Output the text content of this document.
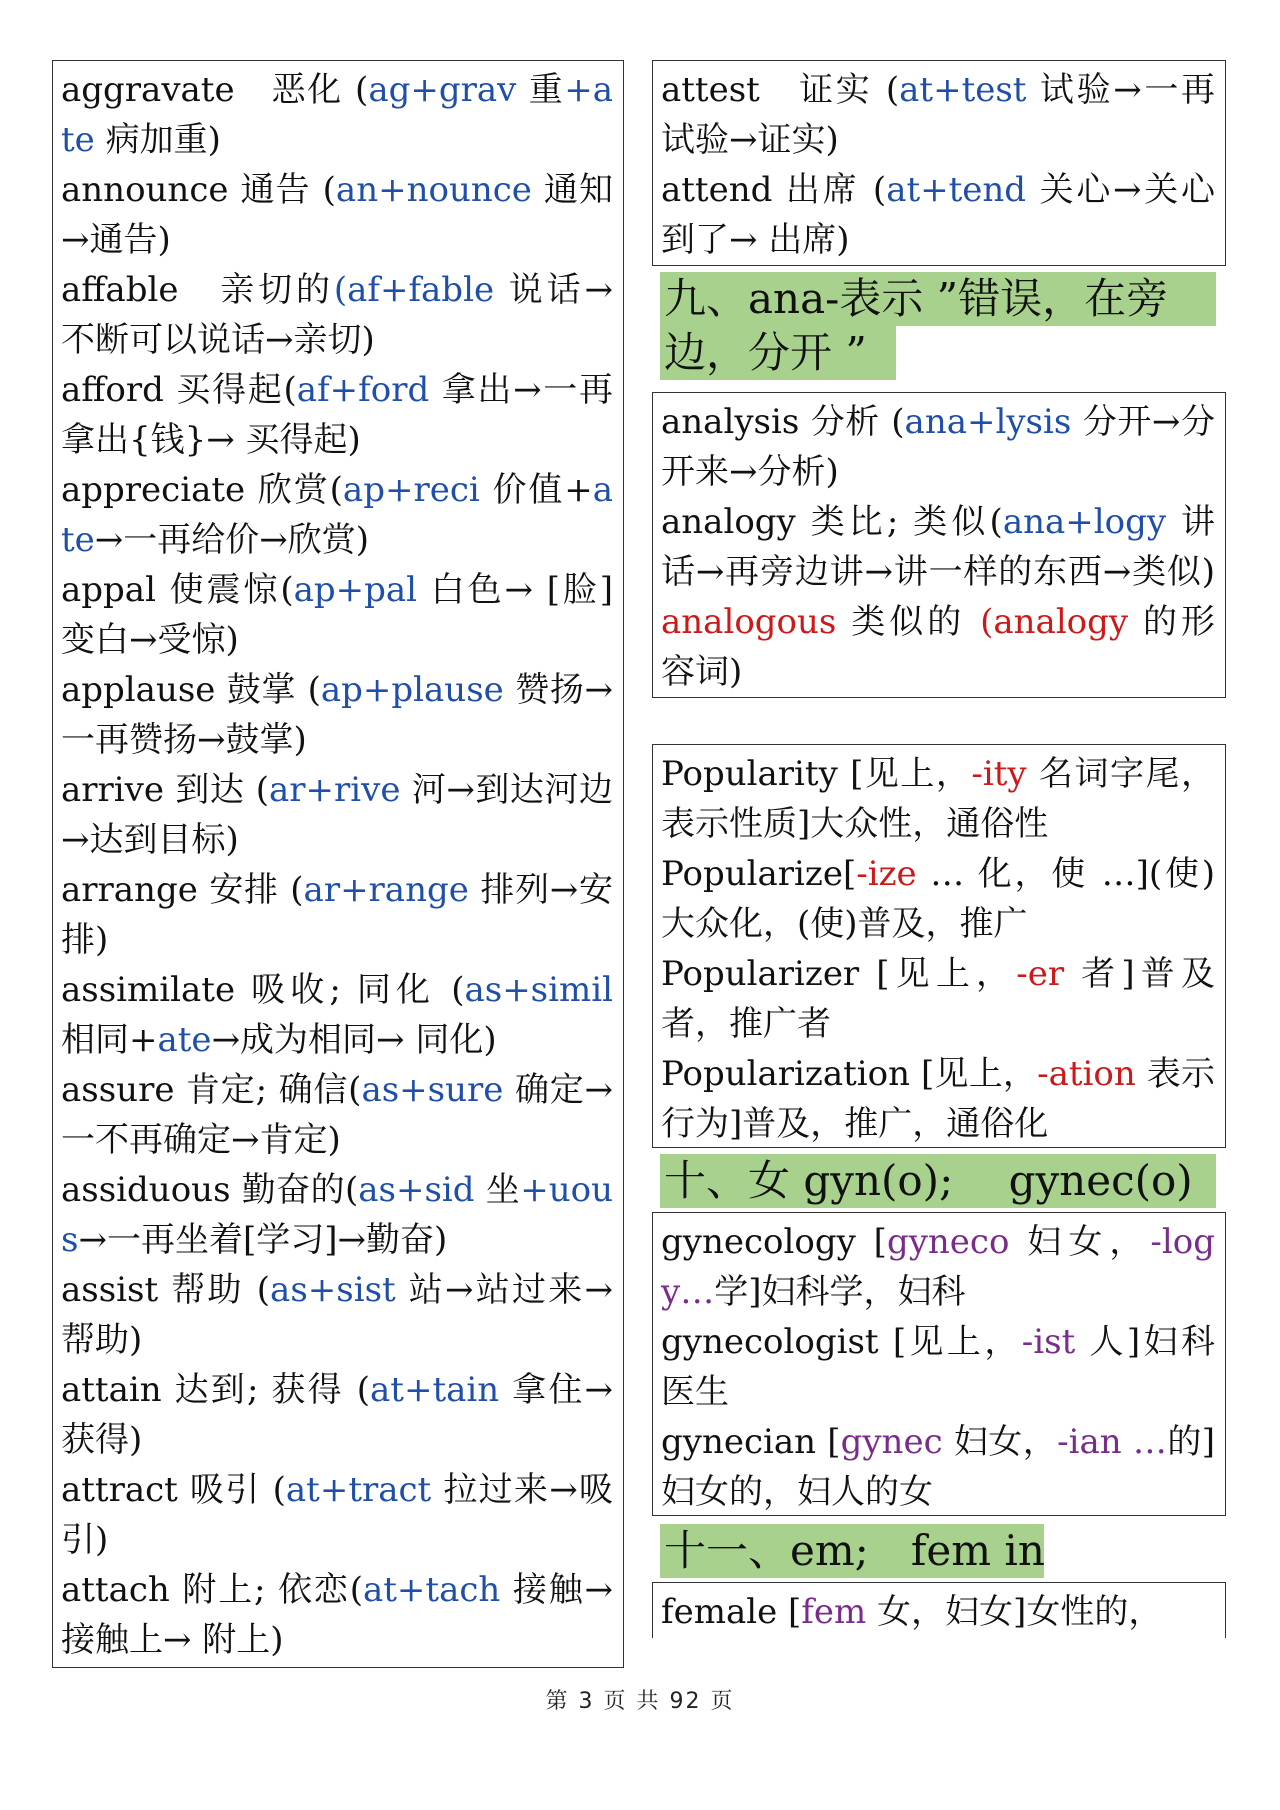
aggravate　恶化 (ag+grav 重+ate 病加重)
announce 通告 (an+nounce 通知→通告)
affable　亲切的(af+fable 说话→不断可以说话→亲切)
afford 买得起(af+ford 拿出→一再拿出{钱}→ 买得起)
appreciate 欣赏(ap+reci 价值+ate→一再给价→欣赏)
appal 使震惊(ap+pal 白色→ [脸]变白→受惊)
applause 鼓掌 (ap+plause 赞扬→一再赞扬→鼓掌)
arrive 到达 (ar+rive 河→到达河边→达到目标)
arrange 安排 (ar+range 排列→安排)
assimilate 吸收; 同化 (as+simil 相同+ate→成为相同→ 同化)
assure 肯定; 确信(as+sure 确定→一不再确定→肯定)
assiduous 勤奋的(as+sid 坐+uous→一再坐着[学习]→勤奋)
assist 帮助 (as+sist 站→站过来→帮助)
attain 达到; 获得 (at+tain 拿住→获得)
attract 吸引 (at+tract 拉过来→吸引)
attach 附上; 依恋(at+tach 接触→接触上→ 附上)
attest　证实 (at+test 试验→一再试验→证实)
attend 出席 (at+tend 关心→关心到了→ 出席)
九、ana-表示 ”错误，在旁
边，分开 ”
analysis 分析 (ana+lysis 分开→分开来→分析)
analogy 类比; 类似(ana+logy 讲话→再旁边讲→讲一样的东西→类似) analogous 类似的 (analogy 的形容词)
Popularity [见上，-ity 名词字尾，表示性质]大众性，通俗性
Popularize[-ize … 化，使 …](使)大众化，(使)普及，推广
Popularizer [见上，-er 者]普及者，推广者
Popularization [见上，-ation 表示行为]普及，推广，通俗化
十、女 gyn(o);　 gynec(o)
gynecology [gyneco 妇女，-logy…学]妇科学，妇科
gynecologist [见上，-ist 人]妇科医生
gynecian [gynec 妇女，-ian …的]妇女的，妇人的女
十一、em;　fem in
female [fem 女，妇女]女性的，
第 3 页 共 92 页
